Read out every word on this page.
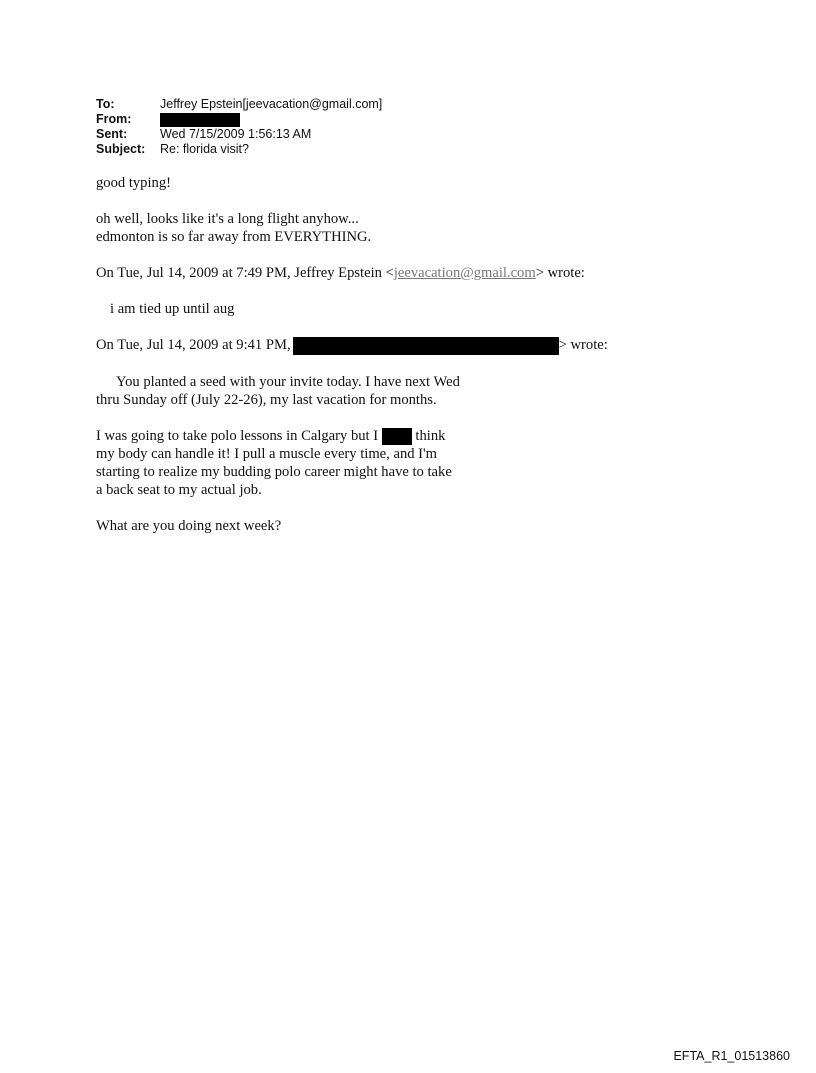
To:	Jeffrey Epstein[jeevacation@gmail.com]
From:
Sent:	Wed 7/15/2009 1:56:13 AM
Subject:	Re: florida visit?

good typing!

oh well, looks like it's a long flight anyhow...

edmonton is so far away from EVERYTHING.

On Tue, Jul 14, 2009 at 7:49 PM, Jeffrey Epstein <jeevacation@gmail.com> wrote:

i am tied up until aug

On Tue, Jul 14, 2009 at 9:41 PM,	> wrote:

You planted a seed with your invite today. I have next Wed

thru Sunday off (July 22-26), my last vacation for months.

I was going to take polo lessons in Calgary but I	think

my body can handle it! I pull a muscle every time, and I'm

starting to realize my budding polo career might have to take

a back seat to my actual job.

What are you doing next week?

EFTA_R1_01513860
